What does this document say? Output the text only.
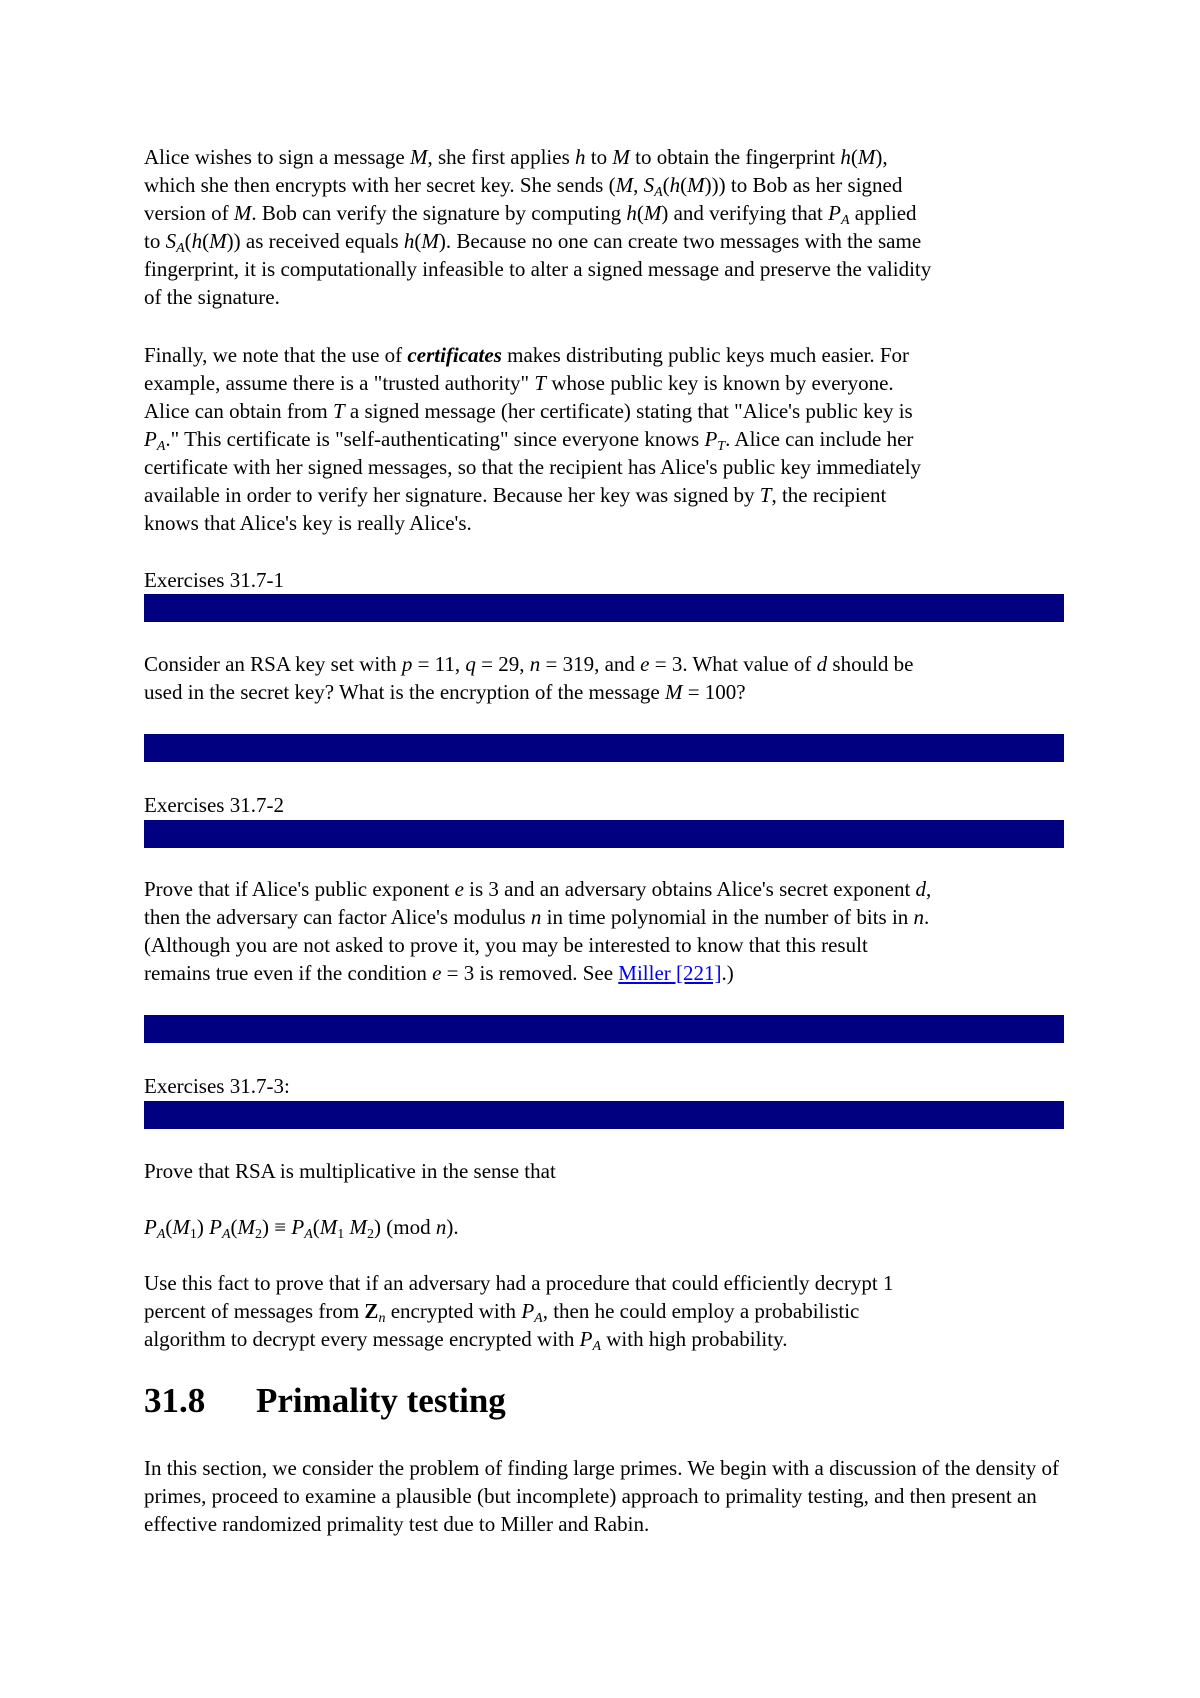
Alice wishes to sign a message M, she first applies h to M to obtain the fingerprint h(M),
which she then encrypts with her secret key. She sends (M, $S_A(h(M))$) to Bob as her signed
version of M. Bob can verify the signature by computing h(M) and verifying that $P_A$ applied
to $S_A(h(M))$ as received equals h(M). Because no one can create two messages with the same
fingerprint, it is computationally infeasible to alter a signed message and preserve the validity
of the signature.

Finally, we note that the use of certificates makes distributing public keys much easier. For
example, assume there is a "trusted authority" T whose public key is known by everyone.
Alice can obtain from T a signed message (her certificate) stating that "Alice's public key is
$P_A$." This certificate is "self-authenticating" since everyone knows $P_T$. Alice can include her
certificate with her signed messages, so that the recipient has Alice's public key immediately
available in order to verify her signature. Because her key was signed by T, the recipient
knows that Alice's key is really Alice's.

Exercises 31.7-1

Consider an RSA key set with p = 11, q = 29, n = 319, and e = 3. What value of d should be
used in the secret key? What is the encryption of the message M = 100?

Exercises 31.7-2

Prove that if Alice's public exponent e is 3 and an adversary obtains Alice's secret exponent d,
then the adversary can factor Alice's modulus n in time polynomial in the number of bits in n.
(Although you are not asked to prove it, you may be interested to know that this result
remains true even if the condition e = 3 is removed. See Miller [221].)

Exercises 31.7-3:

Prove that RSA is multiplicative in the sense that

$P_A(M_1) P_A(M_2) \equiv P_A(M_1$ $M_2$) (mod n).

Use this fact to prove that if an adversary had a procedure that could efficiently decrypt 1
percent of messages from $Z_n$ encrypted with $P_A$, then he could employ a probabilistic
algorithm to decrypt every message encrypted with $P_A$ with high probability.

31.8 Primality testing

In this section, we consider the problem of finding large primes. We begin with a discussion of the density of primes, proceed to examine a plausible (but incomplete) approach to primality testing, and then present an effective randomized primality test due to Miller and Rabin.
